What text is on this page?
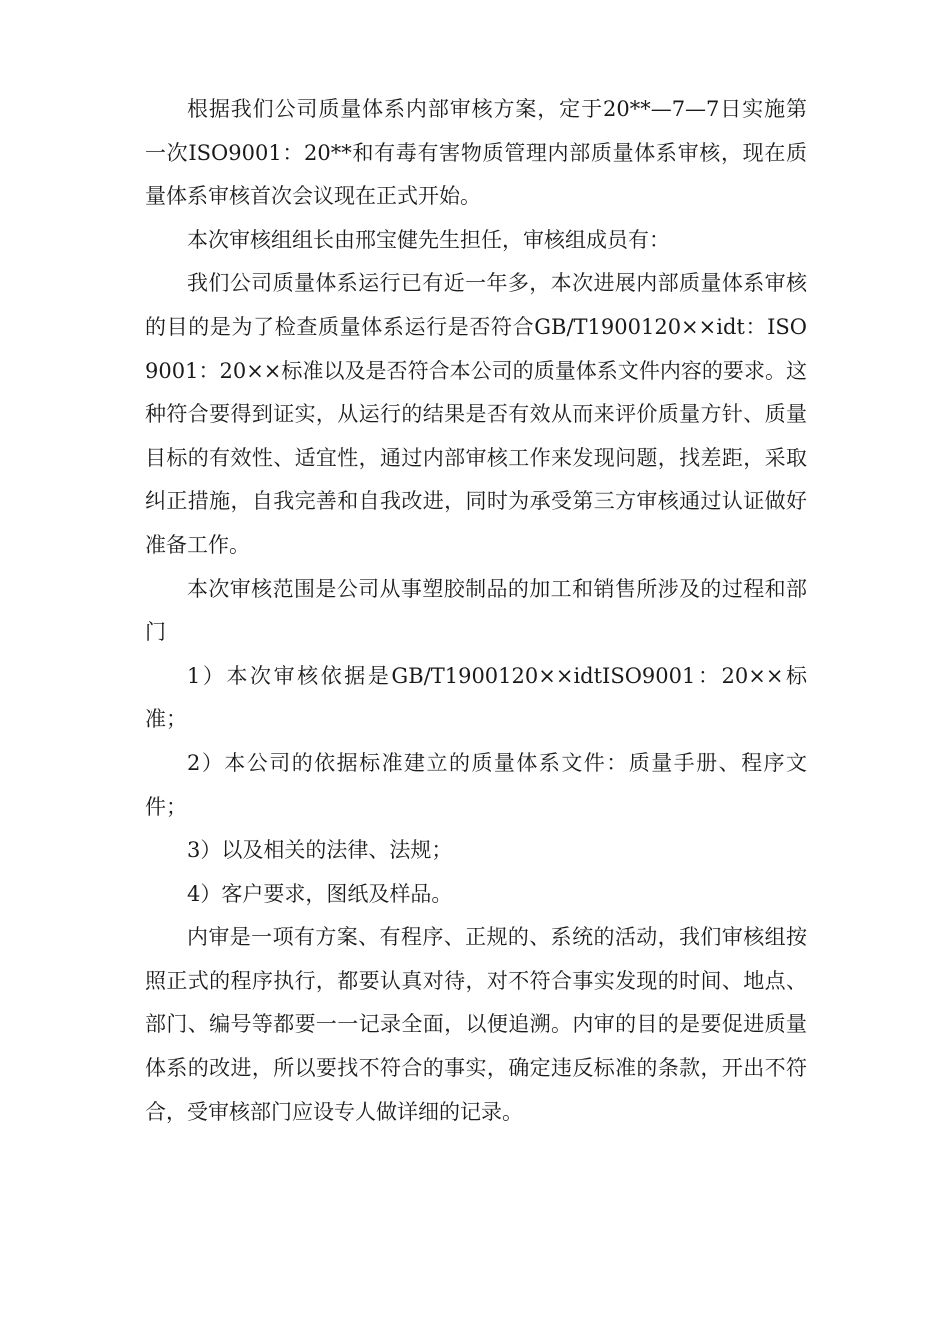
根据我们公司质量体系内部审核方案，定于20**—7—7日实施第一次ISO9001：20**和有毒有害物质管理内部质量体系审核，现在质量体系审核首次会议现在正式开始。

本次审核组组长由邢宝健先生担任，审核组成员有：

我们公司质量体系运行已有近一年多，本次进展内部质量体系审核的目的是为了检查质量体系运行是否符合GB/T1900120××idt：ISO9001：20××标准以及是否符合本公司的质量体系文件内容的要求。这种符合要得到证实，从运行的结果是否有效从而来评价质量方针、质量目标的有效性、适宜性，通过内部审核工作来发现问题，找差距，采取纠正措施，自我完善和自我改进，同时为承受第三方审核通过认证做好准备工作。

本次审核范围是公司从事塑胶制品的加工和销售所涉及的过程和部门

1）本次审核依据是GB/T1900120××idtISO9001：20××标准；

2）本公司的依据标准建立的质量体系文件：质量手册、程序文件；

3）以及相关的法律、法规；

4）客户要求，图纸及样品。

内审是一项有方案、有程序、正规的、系统的活动，我们审核组按照正式的程序执行，都要认真对待，对不符合事实发现的时间、地点、部门、编号等都要一一记录全面，以便追溯。内审的目的是要促进质量体系的改进，所以要找不符合的事实，确定违反标准的条款，开出不符合，受审核部门应设专人做详细的记录。
